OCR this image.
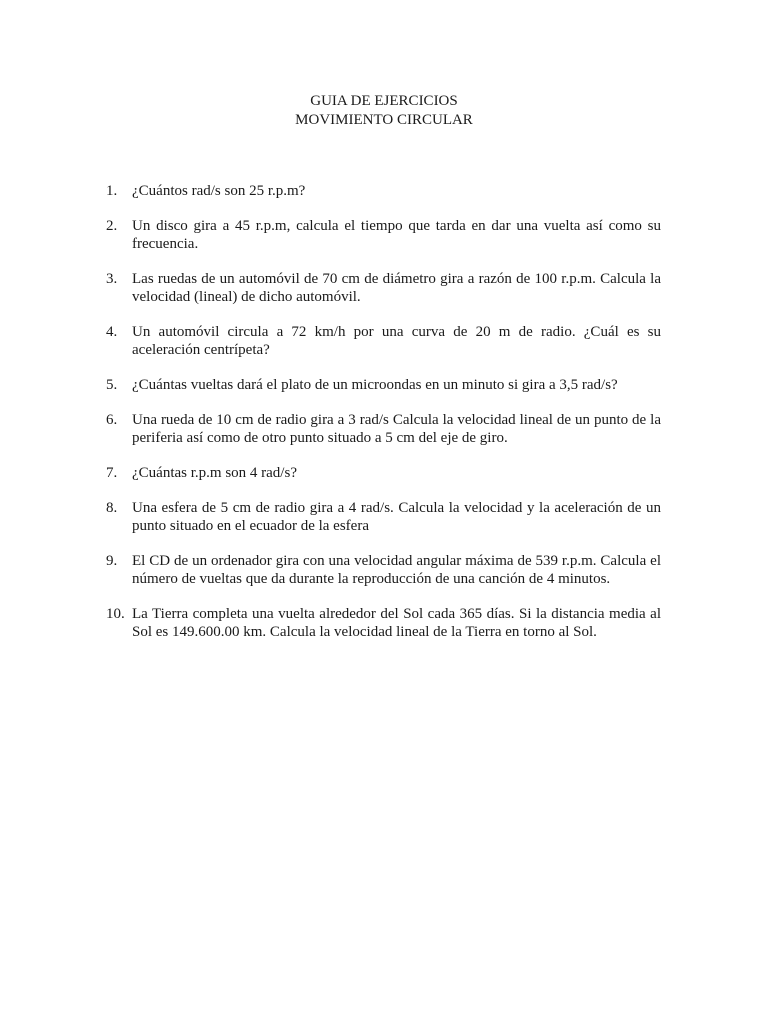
GUIA DE EJERCICIOS
MOVIMIENTO CIRCULAR
1. ¿Cuántos rad/s son 25 r.p.m?
2. Un disco gira a 45 r.p.m, calcula el tiempo que tarda en dar una vuelta así como su frecuencia.
3. Las ruedas de un automóvil de 70 cm de diámetro gira a razón de 100 r.p.m. Calcula la velocidad (lineal) de dicho automóvil.
4. Un automóvil circula a 72 km/h por una curva de 20 m de radio. ¿Cuál es su aceleración centrípeta?
5. ¿Cuántas vueltas dará el plato de un microondas en un minuto si gira a 3,5 rad/s?
6. Una rueda de 10 cm de radio gira a 3 rad/s Calcula la velocidad lineal de un punto de la periferia así como de otro punto situado a 5 cm del eje de giro.
7. ¿Cuántas r.p.m son 4 rad/s?
8. Una esfera de 5 cm de radio gira a 4 rad/s. Calcula la velocidad y la aceleración de un punto situado en el ecuador de la esfera
9. El CD de un ordenador gira con una velocidad angular máxima de 539 r.p.m. Calcula el número de vueltas que da durante la reproducción de una canción de 4 minutos.
10. La Tierra completa una vuelta alrededor del Sol cada 365 días. Si la distancia media al Sol es 149.600.00 km. Calcula la velocidad lineal de la Tierra en torno al Sol.
